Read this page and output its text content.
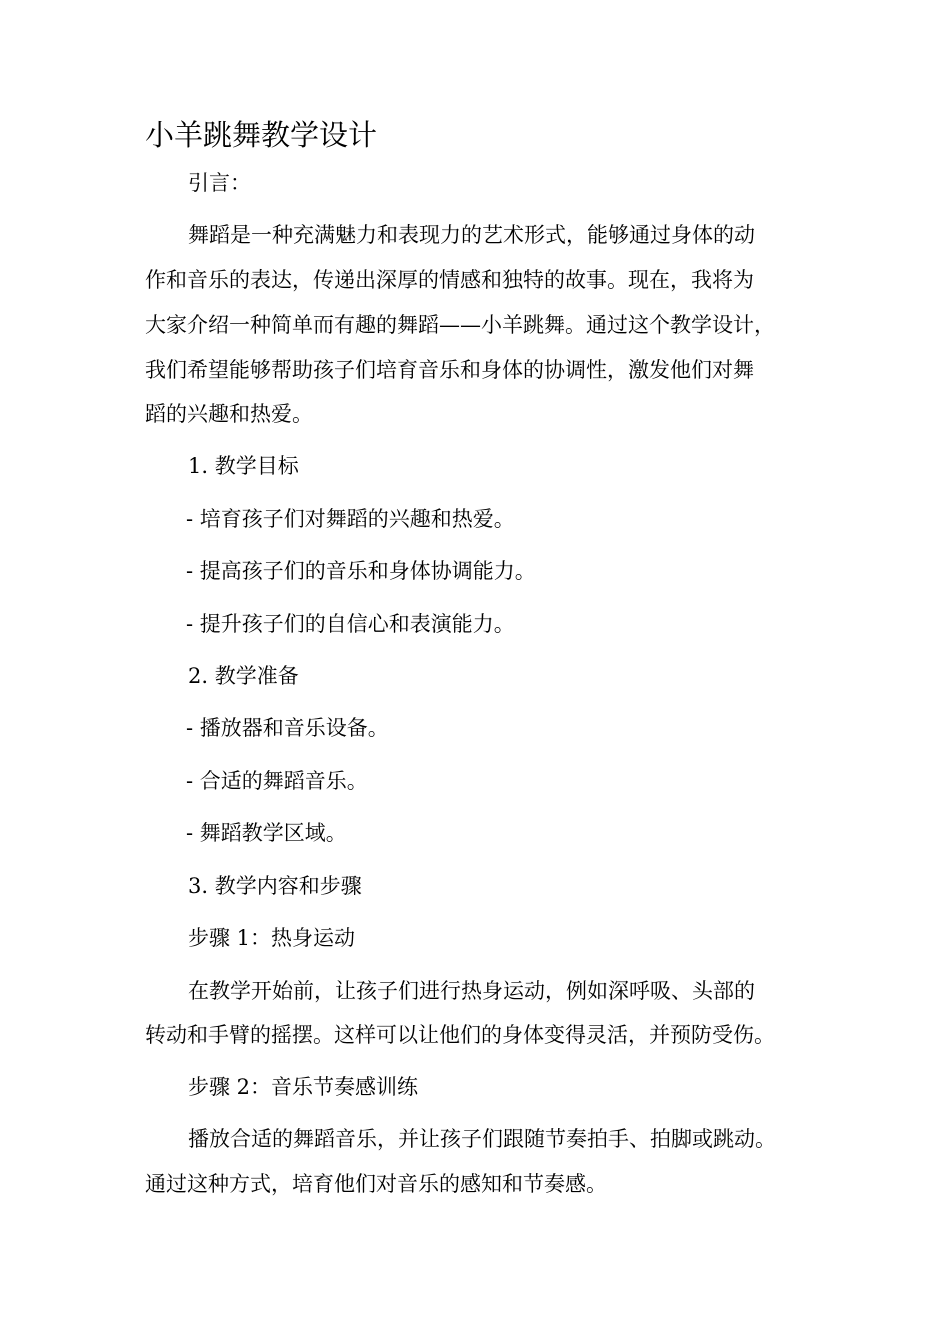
小羊跳舞教学设计

引言：

舞蹈是一种充满魅力和表现力的艺术形式，能够通过身体的动

作和音乐的表达，传递出深厚的情感和独特的故事。现在，我将为

大家介绍一种简单而有趣的舞蹈——小羊跳舞。通过这个教学设计，

我们希望能够帮助孩子们培育音乐和身体的协调性，激发他们对舞

蹈的兴趣和热爱。

1. 教学目标

- 培育孩子们对舞蹈的兴趣和热爱。

- 提高孩子们的音乐和身体协调能力。

- 提升孩子们的自信心和表演能力。

2. 教学准备

- 播放器和音乐设备。

- 合适的舞蹈音乐。

- 舞蹈教学区域。

3. 教学内容和步骤

步骤 1：热身运动

在教学开始前，让孩子们进行热身运动，例如深呼吸、头部的

转动和手臂的摇摆。这样可以让他们的身体变得灵活，并预防受伤。

步骤 2：音乐节奏感训练

播放合适的舞蹈音乐，并让孩子们跟随节奏拍手、拍脚或跳动。

通过这种方式，培育他们对音乐的感知和节奏感。
